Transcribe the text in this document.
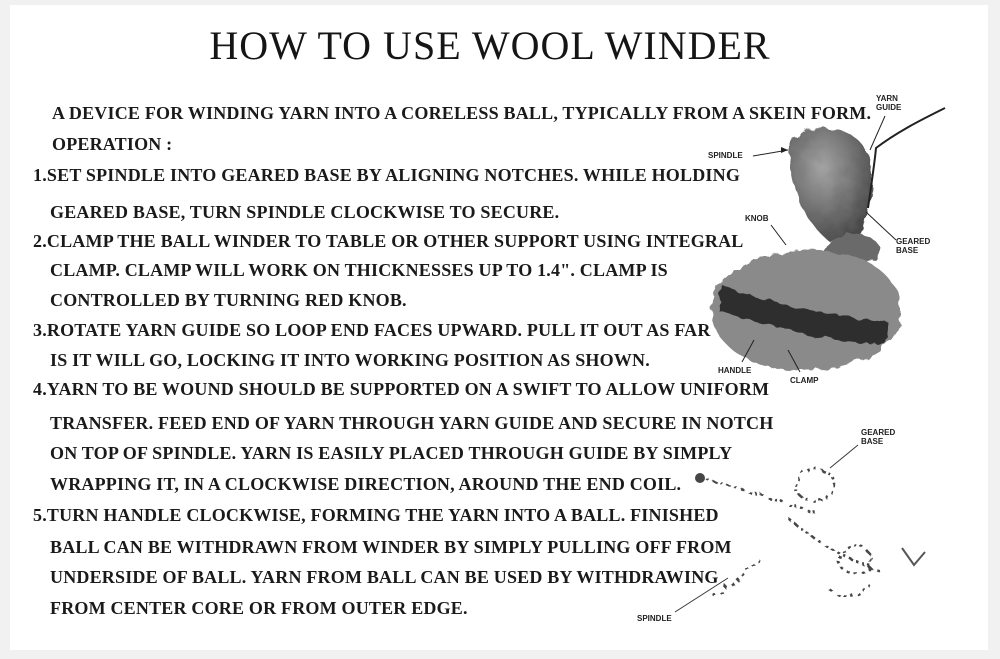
HOW TO USE WOOL WINDER
A DEVICE FOR WINDING YARN INTO A CORELESS BALL, TYPICALLY FROM A SKEIN FORM.
OPERATION :
1.SET SPINDLE INTO GEARED BASE BY ALIGNING NOTCHES. WHILE HOLDING
GEARED BASE, TURN SPINDLE CLOCKWISE TO SECURE.
2.CLAMP THE BALL WINDER TO TABLE OR OTHER SUPPORT USING INTEGRAL
CLAMP. CLAMP WILL WORK ON THICKNESSES UP TO 1.4". CLAMP IS
CONTROLLED BY TURNING RED KNOB.
3.ROTATE YARN GUIDE SO LOOP END FACES UPWARD. PULL IT OUT AS FAR
IS IT WILL GO, LOCKING IT INTO WORKING POSITION AS SHOWN.
4.YARN TO BE WOUND SHOULD BE SUPPORTED ON A SWIFT TO ALLOW UNIFORM
TRANSFER. FEED END OF YARN THROUGH YARN GUIDE AND SECURE IN NOTCH
ON TOP OF SPINDLE. YARN IS EASILY PLACED THROUGH GUIDE BY SIMPLY
WRAPPING IT, IN A CLOCKWISE DIRECTION, AROUND THE END COIL.
5.TURN HANDLE CLOCKWISE, FORMING THE YARN INTO A BALL. FINISHED
BALL CAN BE WITHDRAWN FROM WINDER BY SIMPLY PULLING OFF FROM
UNDERSIDE OF BALL. YARN FROM BALL CAN BE USED BY WITHDRAWING
FROM CENTER CORE OR FROM OUTER EDGE.
YARN
GUIDE
SPINDLE
KNOB
GEARED
BASE
HANDLE
CLAMP
GEARED
BASE
SPINDLE
